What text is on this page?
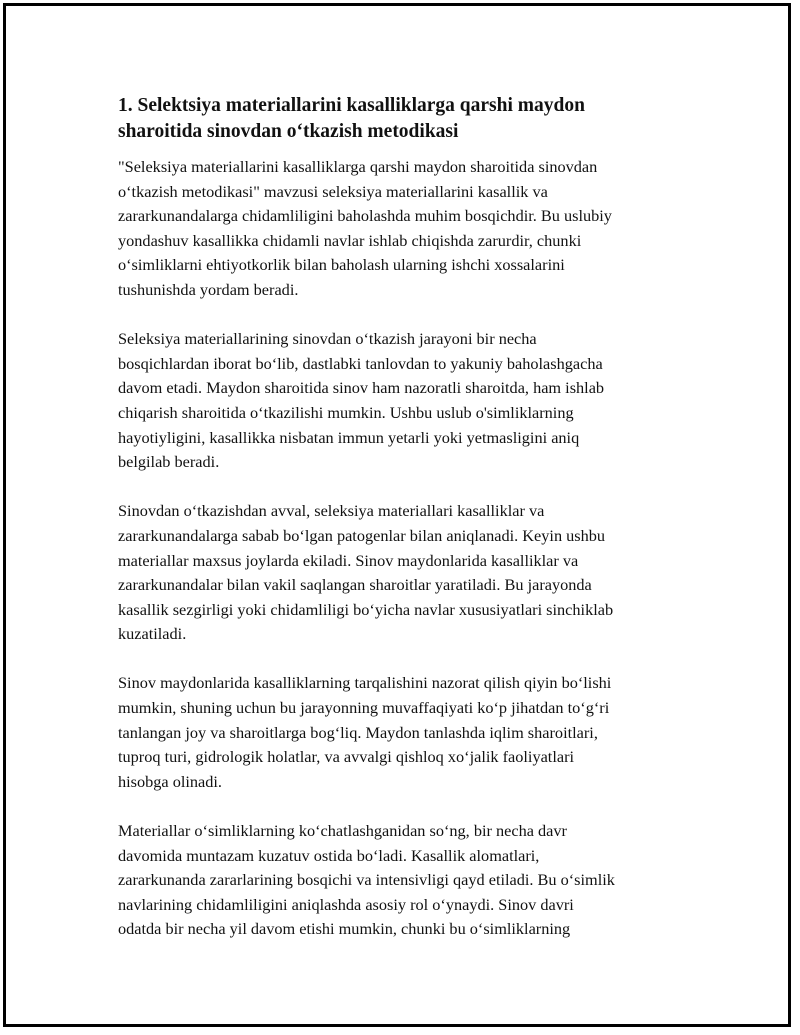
1. Selektsiya materiallarini kasalliklarga qarshi maydon
sharoitida sinovdan o‘tkazish metodikasi

"Seleksiya materiallarini kasalliklarga qarshi maydon sharoitida sinovdan
o‘tkazish metodikasi" mavzusi seleksiya materiallarini kasallik va
zararkunandalarga chidamliligini baholashda muhim bosqichdir. Bu uslubiy
yondashuv kasallikka chidamli navlar ishlab chiqishda zarurdir, chunki
o‘simliklarni ehtiyotkorlik bilan baholash ularning ishchi xossalarini
tushunishda yordam beradi.

Seleksiya materiallarining sinovdan o‘tkazish jarayoni bir necha
bosqichlardan iborat bo‘lib, dastlabki tanlovdan to yakuniy baholashgacha
davom etadi. Maydon sharoitida sinov ham nazoratli sharoitda, ham ishlab
chiqarish sharoitida o‘tkazilishi mumkin. Ushbu uslub o'simliklarning
hayotiyligini, kasallikka nisbatan immun yetarli yoki yetmasligini aniq
belgilab beradi.

Sinovdan o‘tkazishdan avval, seleksiya materiallari kasalliklar va
zararkunandalarga sabab bo‘lgan patogenlar bilan aniqlanadi. Keyin ushbu
materiallar maxsus joylarda ekiladi. Sinov maydonlarida kasalliklar va
zararkunandalar bilan vakil saqlangan sharoitlar yaratiladi. Bu jarayonda
kasallik sezgirligi yoki chidamliligi bo‘yicha navlar xususiyatlari sinchiklab
kuzatiladi.

Sinov maydonlarida kasalliklarning tarqalishini nazorat qilish qiyin bo‘lishi
mumkin, shuning uchun bu jarayonning muvaffaqiyati ko‘p jihatdan to‘g‘ri
tanlangan joy va sharoitlarga bog‘liq. Maydon tanlashda iqlim sharoitlari,
tuproq turi, gidrologik holatlar, va avvalgi qishloq xo‘jalik faoliyatlari
hisobga olinadi.

Materiallar o‘simliklarning ko‘chatlashganidan so‘ng, bir necha davr
davomida muntazam kuzatuv ostida bo‘ladi. Kasallik alomatlari,
zararkunanda zararlarining bosqichi va intensivligi qayd etiladi. Bu o‘simlik
navlarining chidamliligini aniqlashda asosiy rol o‘ynaydi. Sinov davri
odatda bir necha yil davom etishi mumkin, chunki bu o‘simliklarning
